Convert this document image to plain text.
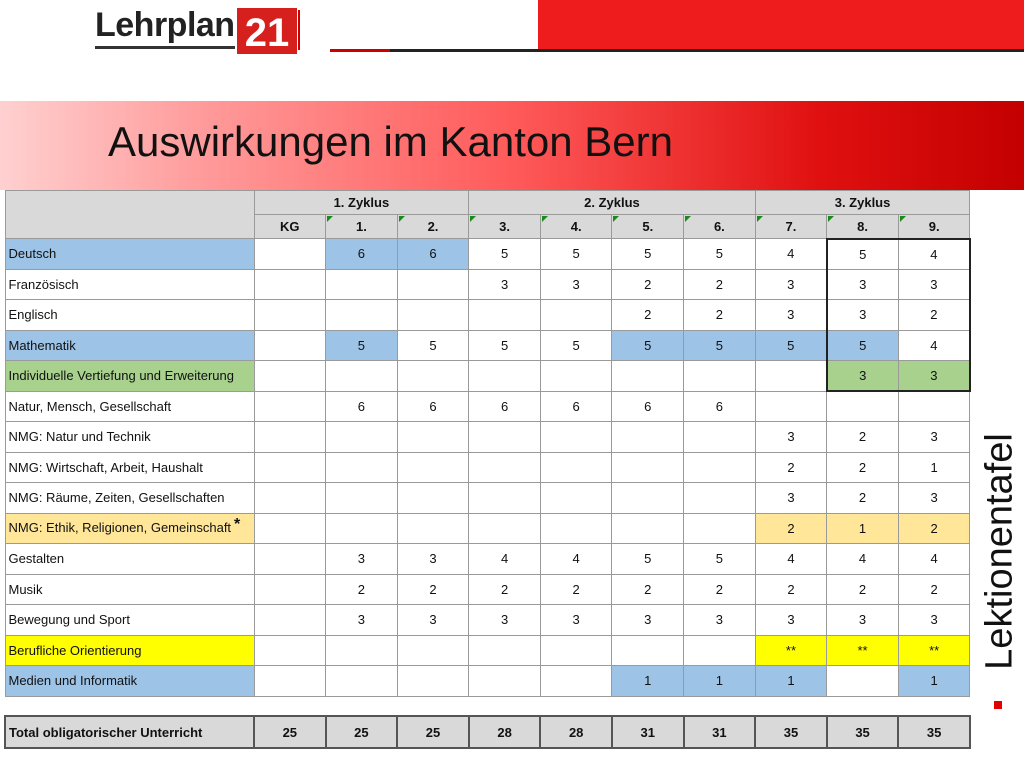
Lehrplan 21
Auswirkungen im Kanton Bern
	1. Zyklus			2. Zyklus				3. Zyklus		
	KG	1.	2.	3.	4.	5.	6.	7.	8.	9.
Deutsch		6	6	5	5	5	5	4	5	4
Französisch				3	3	2	2	3	3	3
Englisch						2	2	3	3	2
Mathematik		5	5	5	5	5	5	5	5	4
Individuelle Vertiefung und Erweiterung									3	3
Natur, Mensch, Gesellschaft		6	6	6	6	6	6			
NMG: Natur und Technik								3	2	3
NMG: Wirtschaft, Arbeit, Haushalt								2	2	1
NMG: Räume, Zeiten, Gesellschaften								3	2	3
NMG: Ethik, Religionen, Gemeinschaft *								2	1	2
Gestalten		3	3	4	4	5	5	4	4	4
Musik		2	2	2	2	2	2	2	2	2
Bewegung und Sport		3	3	3	3	3	3	3	3	3
Berufliche Orientierung								**	**	**
Medien und Informatik						1	1	1		1

Total obligatorischer Unterricht	25	25	25	28	28	31	31	35	35	35
Lektionentafel
